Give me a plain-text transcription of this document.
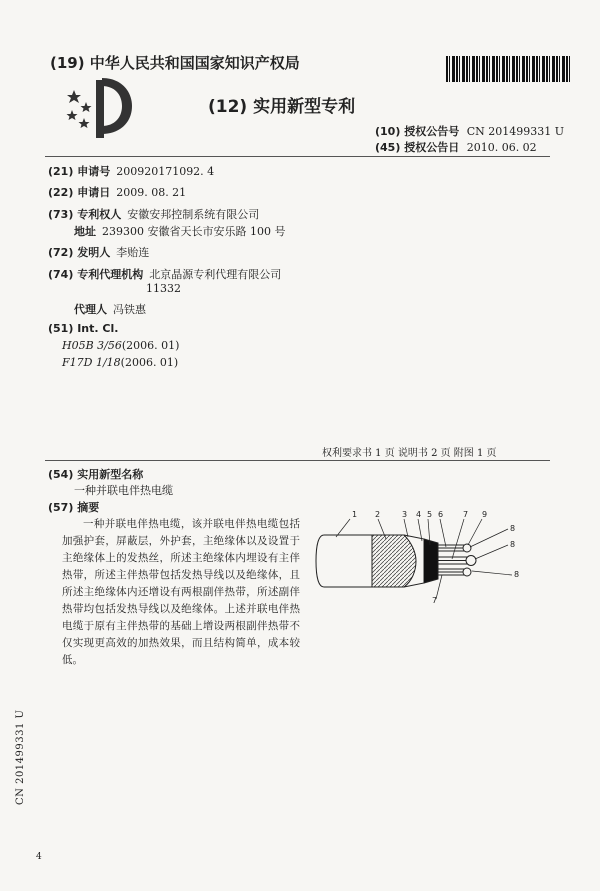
(19) 中华人民共和国国家知识产权局
(12) 实用新型专利
(10) 授权公告号 CN 201499331 U
(45) 授权公告日 2010. 06. 02
(21) 申请号 200920171092. 4
(22) 申请日 2009. 08. 21
(73) 专利权人 安徽安邦控制系统有限公司
地址 239300 安徽省天长市安乐路 100 号
(72) 发明人 李贻连
(74) 专利代理机构 北京晶源专利代理有限公司
11332
代理人 冯铁惠
(51) Int. Cl.
H05B 3/56(2006. 01)
F17D 1/18(2006. 01)
权利要求书 1 页 说明书 2 页 附图 1 页
(54) 实用新型名称
一种并联电伴热电缆
(57) 摘要
一种并联电伴热电缆，该并联电伴热电缆包括加强护套，屏蔽层，外护套，主绝缘体以及设置于主绝缘体上的发热丝，所述主绝缘体内埋设有主伴热带，所述主伴热带包括发热导线以及绝缘体，且所述主绝缘体内还增设有两根副伴热带，所述副伴热带均包括发热导线以及绝缘体。上述并联电伴热电缆于原有主伴热带的基础上增设两根副伴热带不仅实现更高效的加热效果，而且结构简单，成本较低。
1 2	3 4 5 6 7 9
8
8
8
7
CN 201499331 U
4
